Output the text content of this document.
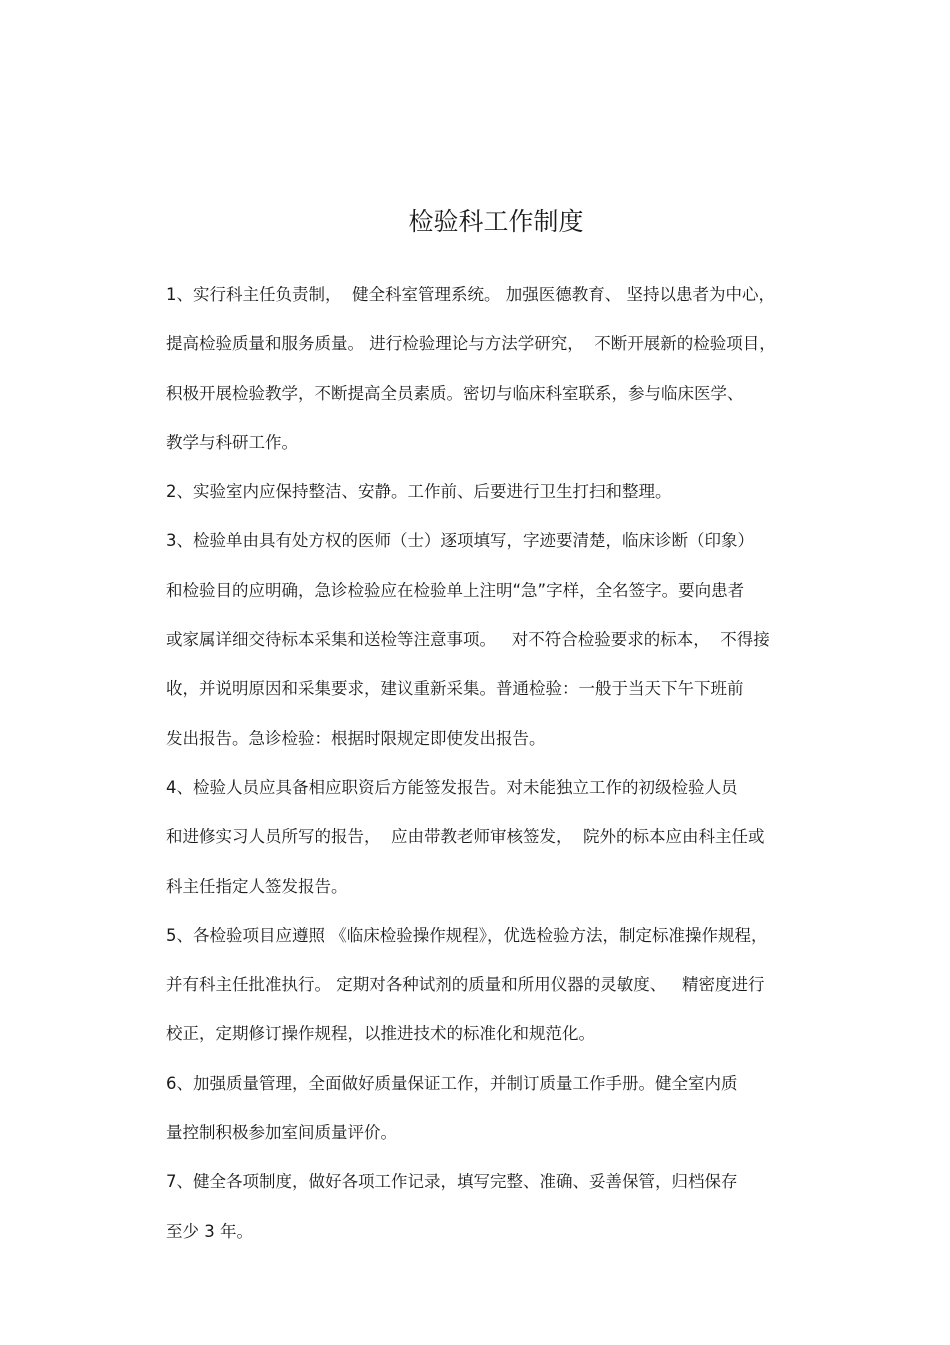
检验科工作制度
1、实行科主任负责制，  健全科室管理系统。 加强医德教育、 坚持以患者为中心，
提高检验质量和服务质量。 进行检验理论与方法学研究，  不断开展新的检验项目，
积极开展检验教学，不断提高全员素质。密切与临床科室联系，参与临床医学、
教学与科研工作。
2、实验室内应保持整洁、安静。工作前、后要进行卫生打扫和整理。
3、检验单由具有处方权的医师（士）逐项填写，字迹要清楚，临床诊断（印象）
和检验目的应明确，急诊检验应在检验单上注明“急”字样，全名签字。要向患者
或家属详细交待标本采集和送检等注意事项。   对不符合检验要求的标本，  不得接
收，并说明原因和采集要求，建议重新采集。普通检验：一般于当天下午下班前
发出报告。急诊检验：根据时限规定即使发出报告。
4、检验人员应具备相应职资后方能签发报告。对未能独立工作的初级检验人员
和进修实习人员所写的报告，  应由带教老师审核签发，  院外的标本应由科主任或
科主任指定人签发报告。
5、各检验项目应遵照 《临床检验操作规程》，优选检验方法，制定标准操作规程，
并有科主任批准执行。 定期对各种试剂的质量和所用仪器的灵敏度、   精密度进行
校正，定期修订操作规程，以推进技术的标准化和规范化。
6、加强质量管理，全面做好质量保证工作，并制订质量工作手册。健全室内质
量控制积极参加室间质量评价。
7、健全各项制度，做好各项工作记录，填写完整、准确、妥善保管，归档保存
至少 3 年。
